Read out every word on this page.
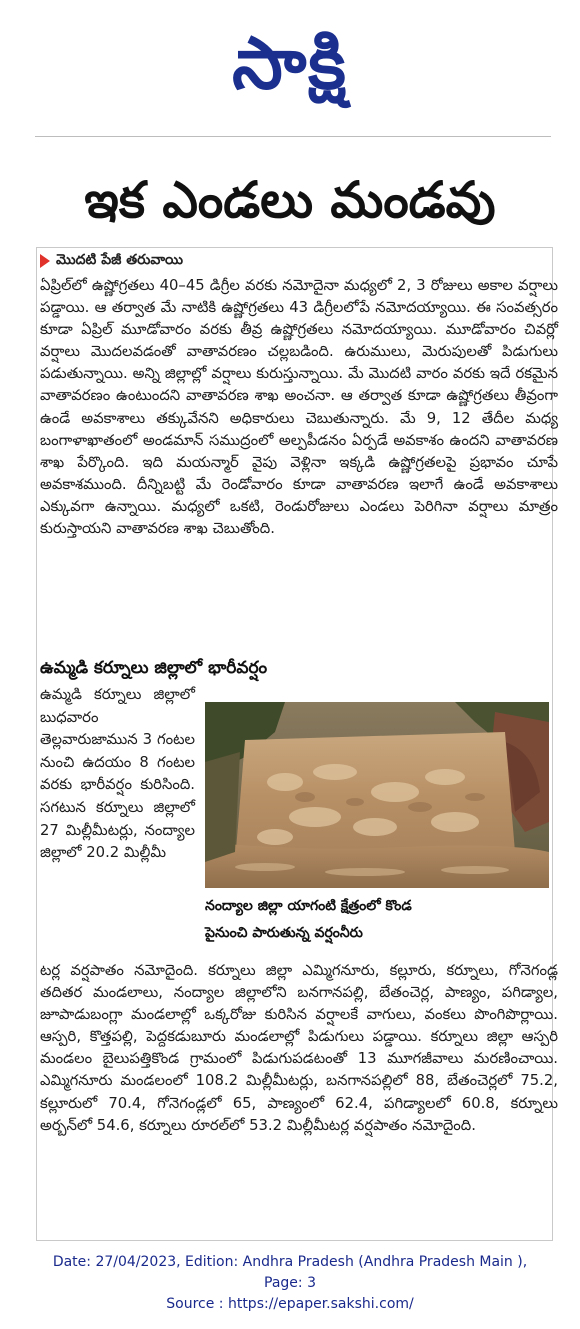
సాక్షి
ఇక ఎండలు మండవు
మొదటి పేజీ తరువాయి

ఏప్రిల్‌లో ఉష్ణోగ్రతలు 40–45 డిగ్రీల వరకు నమోదైనా మధ్యలో 2, 3 రోజులు అకాల వర్షాలు పడ్డాయి. ఆ తర్వాత మే నాటికి ఉష్ణోగ్రతలు 43 డిగ్రీలలోపే నమోదయ్యాయి. ఈ సంవత్సరం కూడా ఏప్రిల్ మూడోవారం వరకు తీవ్ర ఉష్ణోగ్రతలు నమోదయ్యాయి. మూడోవారం చివర్లో వర్షాలు మొదలవడంతో వాతావరణం చల్లబడింది. ఉరుములు, మెరుపులతో పిడుగులు పడుతున్నాయి. అన్ని జిల్లాల్లో వర్షాలు కురుస్తున్నాయి. మే మొదటి వారం వరకు ఇదే రకమైన వాతావరణం ఉంటుందని వాతావరణ శాఖ అంచనా. ఆ తర్వాత కూడా ఉష్ణోగ్రతలు తీవ్రంగా ఉండే అవకాశాలు తక్కువేనని అధికారులు చెబుతున్నారు. మే 9, 12 తేదీల మధ్య బంగాళాఖాతంలో అండమాన్ సముద్రంలో అల్పపీడనం ఏర్పడే అవకాశం ఉందని వాతావరణ శాఖ పేర్కొంది. ఇది మయన్మార్ వైపు వెళ్లినా ఇక్కడి ఉష్ణోగ్రతలపై ప్రభావం చూపే అవకాశముంది. దీన్నిబట్టి మే రెండోవారం కూడా వాతావరణ ఇలాగే ఉండే అవకాశాలు ఎక్కువగా ఉన్నాయి. మధ్యలో ఒకటి, రెండురోజులు ఎండలు పెరిగినా వర్షాలు మాత్రం కురుస్తాయని వాతావరణ శాఖ చెబుతోంది.

ఉమ్మడి కర్నూలు జిల్లాలో భారీవర్షం
ఉమ్మడి కర్నూలు జిల్లాలో బుధవారం తెల్లవారుజామున 3 గంటల నుంచి ఉదయం 8 గంటల వరకు భారీవర్షం కురిసింది. సగటున కర్నూలు జిల్లాలో 27 మిల్లీమీటర్లు, నంద్యాల జిల్లాలో 20.2 మిల్లీమీ
నంద్యాల జిల్లా యాగంటి క్షేత్రంలో కొండ
పైనుంచి పారుతున్న వర్షంనీరు

టర్ల వర్షపాతం నమోదైంది. కర్నూలు జిల్లా ఎమ్మిగనూరు, కల్లూరు, కర్నూలు, గోనెగండ్ల తదితర మండలాలు, నంద్యాల జిల్లాలోని బనగానపల్లి, బేతంచెర్ల, పాణ్యం, పగిడ్యాల, జూపాడుబంగ్లా మండలాల్లో ఒక్కరోజు కురిసిన వర్షాలకే వాగులు, వంకలు పొంగిపొర్లాయి. ఆస్పరి, కొత్తపల్లి, పెద్దకడుబూరు మండలాల్లో పిడుగులు పడ్డాయి. కర్నూలు జిల్లా ఆస్పరి మండలం బైలుపత్తికొండ గ్రామంలో పిడుగుపడటంతో 13 మూగజీవాలు మరణించాయి. ఎమ్మిగనూరు మండలంలో 108.2 మిల్లీమీటర్లు, బనగానపల్లిలో 88, బేతంచెర్లలో 75.2, కల్లూరులో 70.4, గోనెగండ్లలో 65, పాణ్యంలో 62.4, పగిడ్యాలలో 60.8, కర్నూలు అర్బన్‌లో 54.6, కర్నూలు రూరల్‌లో 53.2 మిల్లీమీటర్ల వర్షపాతం నమోదైంది.

Date: 27/04/2023, Edition: Andhra Pradesh (Andhra Pradesh Main ),
Page: 3
Source : https://epaper.sakshi.com/
